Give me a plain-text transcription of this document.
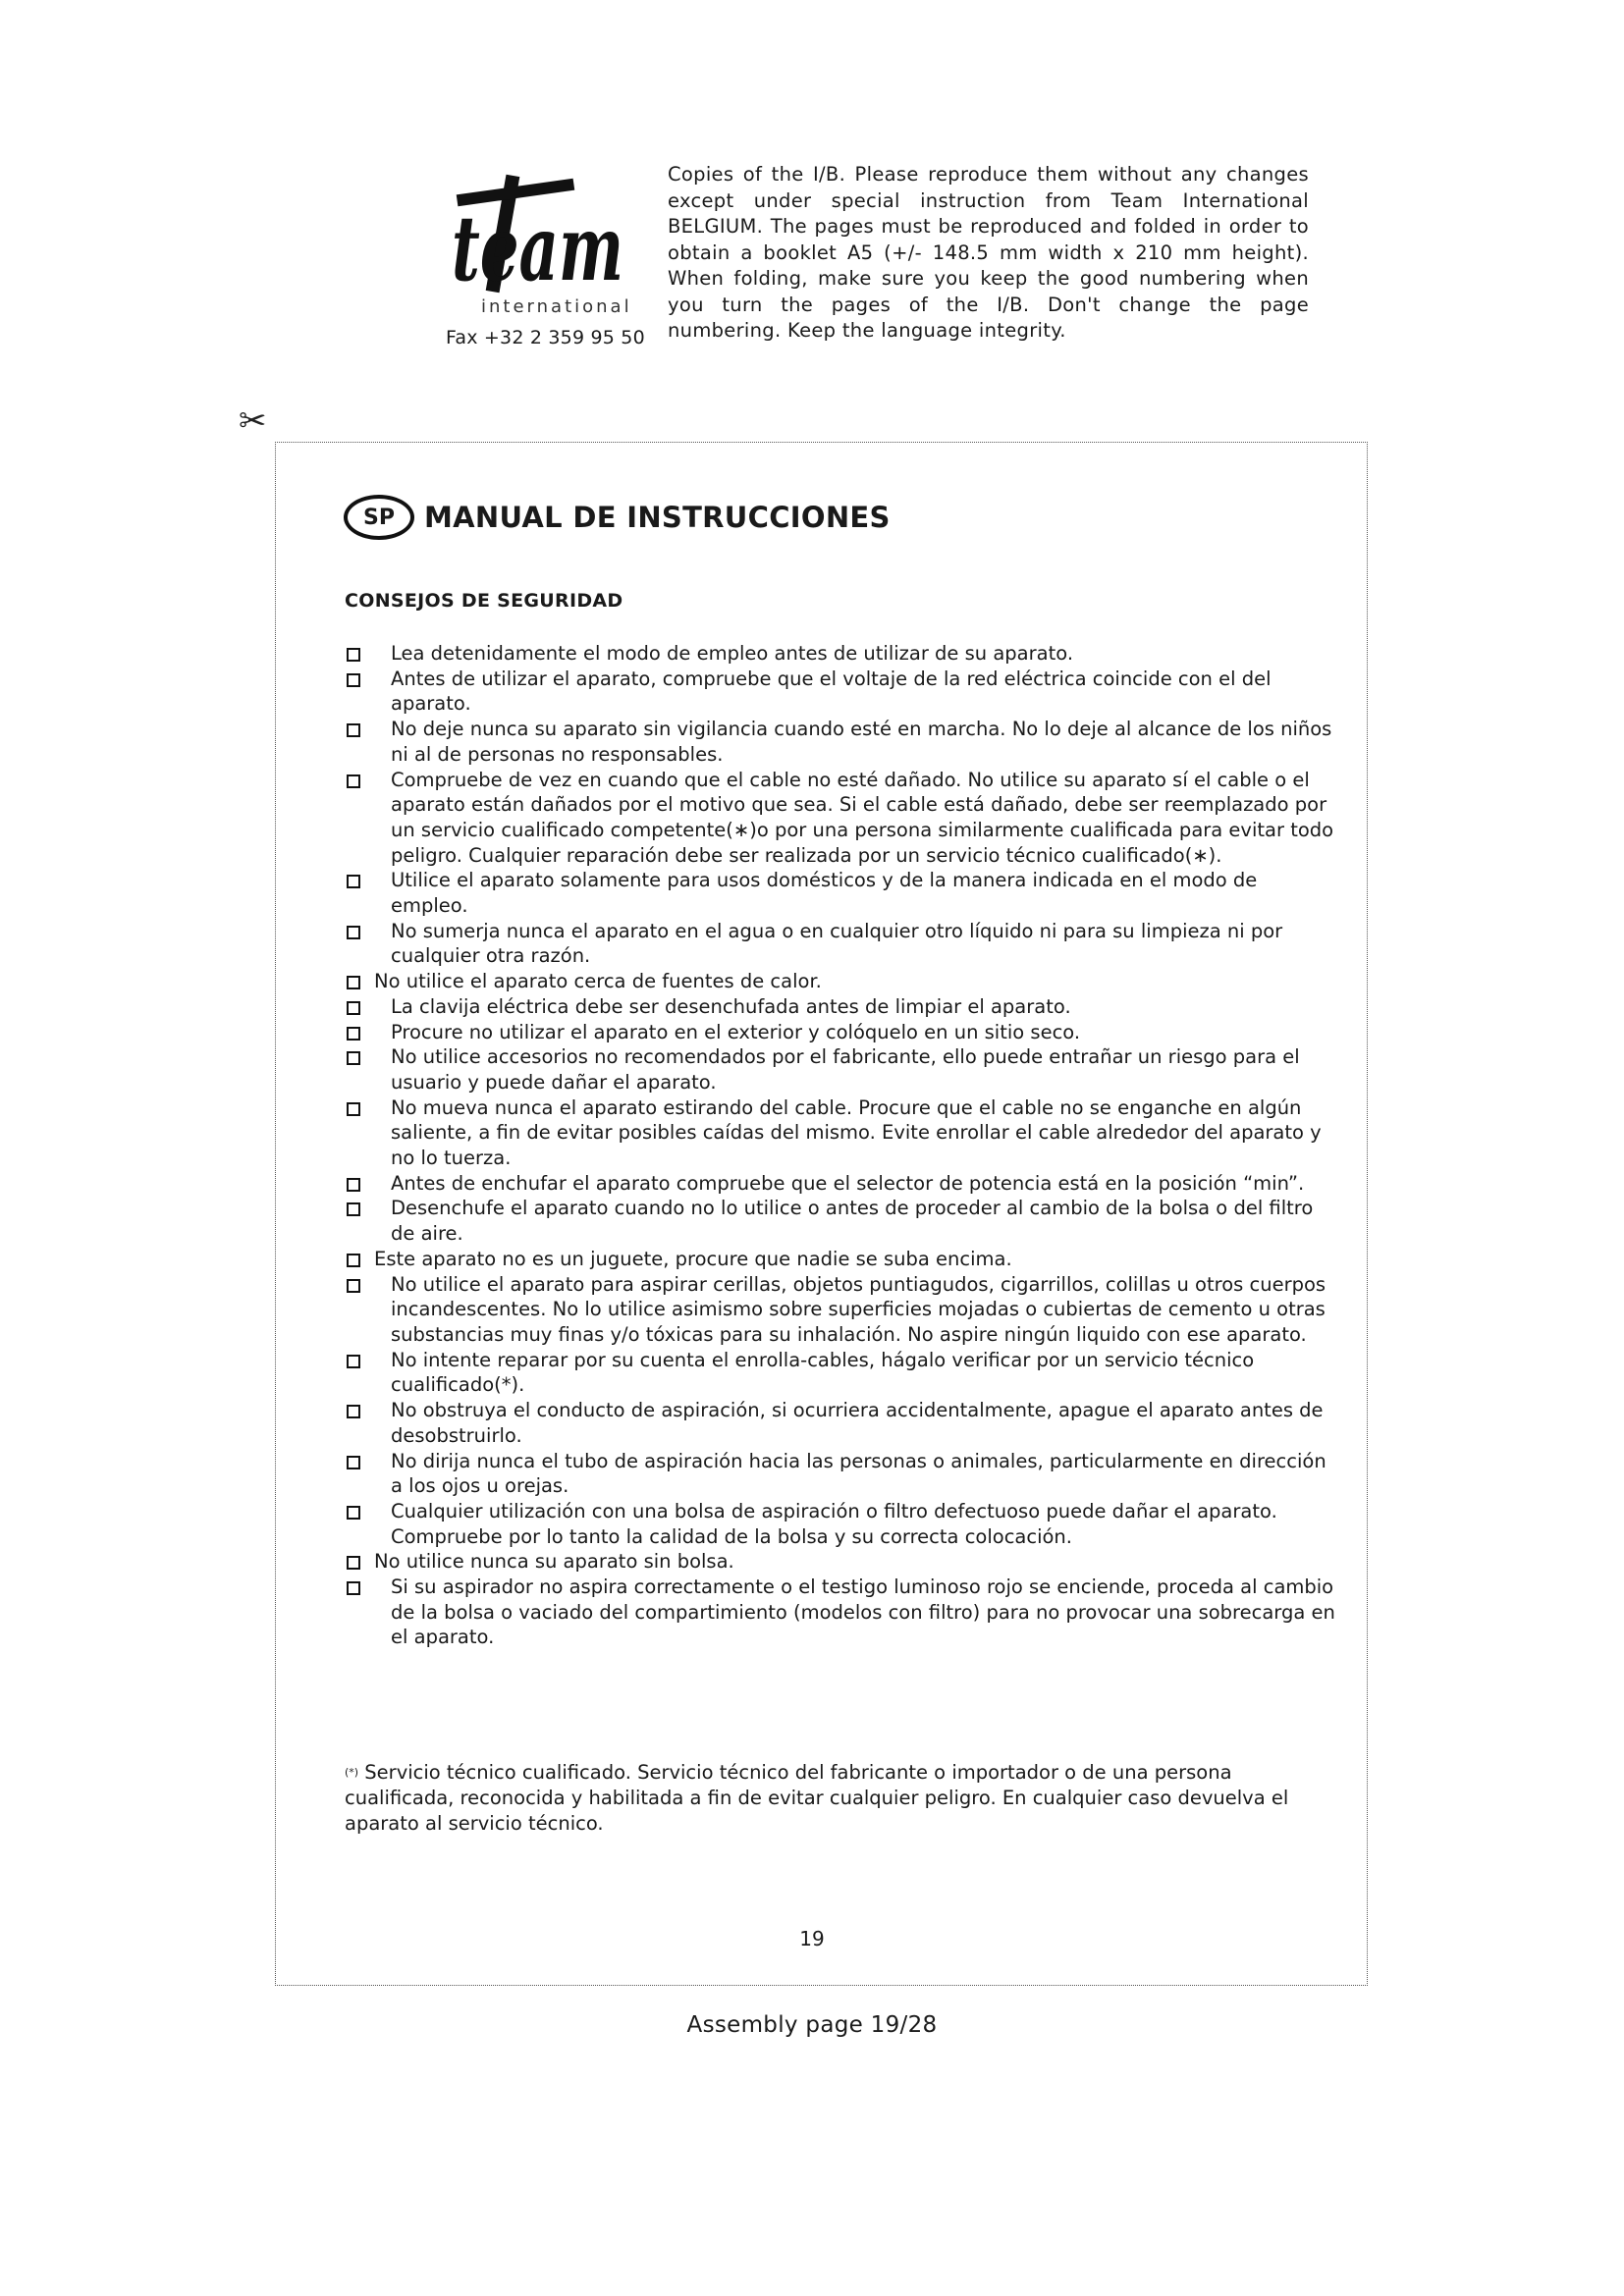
team
international
Fax +32 2 359 95 50
Copies of the I/B. Please reproduce them without any changes except under special instruction from Team International BELGIUM. The pages must be reproduced and folded in order to obtain a booklet A5 (+/- 148.5 mm width x 210 mm height). When folding, make sure you keep the good numbering when you turn the pages of the I/B. Don't change the page numbering. Keep the language integrity.
✂
SP	MANUAL DE INSTRUCCIONES
CONSEJOS DE SEGURIDAD
Lea detenidamente el modo de empleo antes de utilizar de su aparato.
Antes de utilizar el aparato, compruebe que el voltaje de la red eléctrica coincide con el del aparato.
No deje nunca su aparato sin vigilancia cuando esté en marcha. No lo deje al alcance de los niños ni al de personas no responsables.
Compruebe de vez en cuando que el cable no esté dañado. No utilice su aparato sí el cable o el aparato están dañados por el motivo que sea. Si el cable está dañado, debe ser reemplazado por un servicio cualificado competente(∗)o por una persona similarmente cualificada para evitar todo peligro. Cualquier reparación debe ser realizada por un servicio técnico cualificado(∗).
Utilice el aparato solamente para usos domésticos y de la manera indicada en el modo de empleo.
No sumerja nunca el aparato en el agua o en cualquier otro líquido ni para su limpieza ni por cualquier otra razón.
No utilice el aparato cerca de fuentes de calor.
La clavija eléctrica debe ser desenchufada antes de limpiar el aparato.
Procure no utilizar el aparato en el exterior y colóquelo en un sitio seco.
No utilice accesorios no recomendados por el fabricante, ello puede entrañar un riesgo para el usuario y puede dañar el aparato.
No mueva nunca el aparato estirando del cable. Procure que el cable no se enganche en algún saliente, a fin de evitar posibles caídas del mismo. Evite enrollar el cable alrededor del aparato y no lo tuerza.
Antes de enchufar el aparato compruebe que el selector de potencia está en la posición “min”.
Desenchufe el aparato cuando no lo utilice o antes de proceder al cambio de la bolsa o del filtro de aire.
Este aparato no es un juguete, procure que nadie se suba encima.
No utilice el aparato para aspirar cerillas, objetos puntiagudos, cigarrillos, colillas u otros cuerpos incandescentes. No lo utilice asimismo sobre superficies mojadas o cubiertas de cemento u otras substancias muy finas y/o tóxicas para su inhalación. No aspire ningún liquido con ese aparato.
No intente reparar por su cuenta el enrolla-cables, hágalo verificar por un servicio técnico cualificado(*).
No obstruya el conducto de aspiración, si ocurriera accidentalmente, apague el aparato antes de desobstruirlo.
No dirija nunca el tubo de aspiración hacia las personas o animales, particularmente en dirección a los ojos u orejas.
Cualquier utilización con una bolsa de aspiración o filtro defectuoso puede dañar el aparato. Compruebe por lo tanto la calidad de la bolsa y su correcta colocación.
No utilice nunca su aparato sin bolsa.
Si su aspirador no aspira correctamente o el testigo luminoso rojo se enciende, proceda al cambio de la bolsa o vaciado del compartimiento (modelos con filtro) para no provocar una sobrecarga en el aparato.
(*) Servicio técnico cualificado. Servicio técnico del fabricante o importador o de una persona cualificada, reconocida y habilitada a fin de evitar cualquier peligro. En cualquier caso devuelva el aparato al servicio técnico.
19
Assembly page 19/28
